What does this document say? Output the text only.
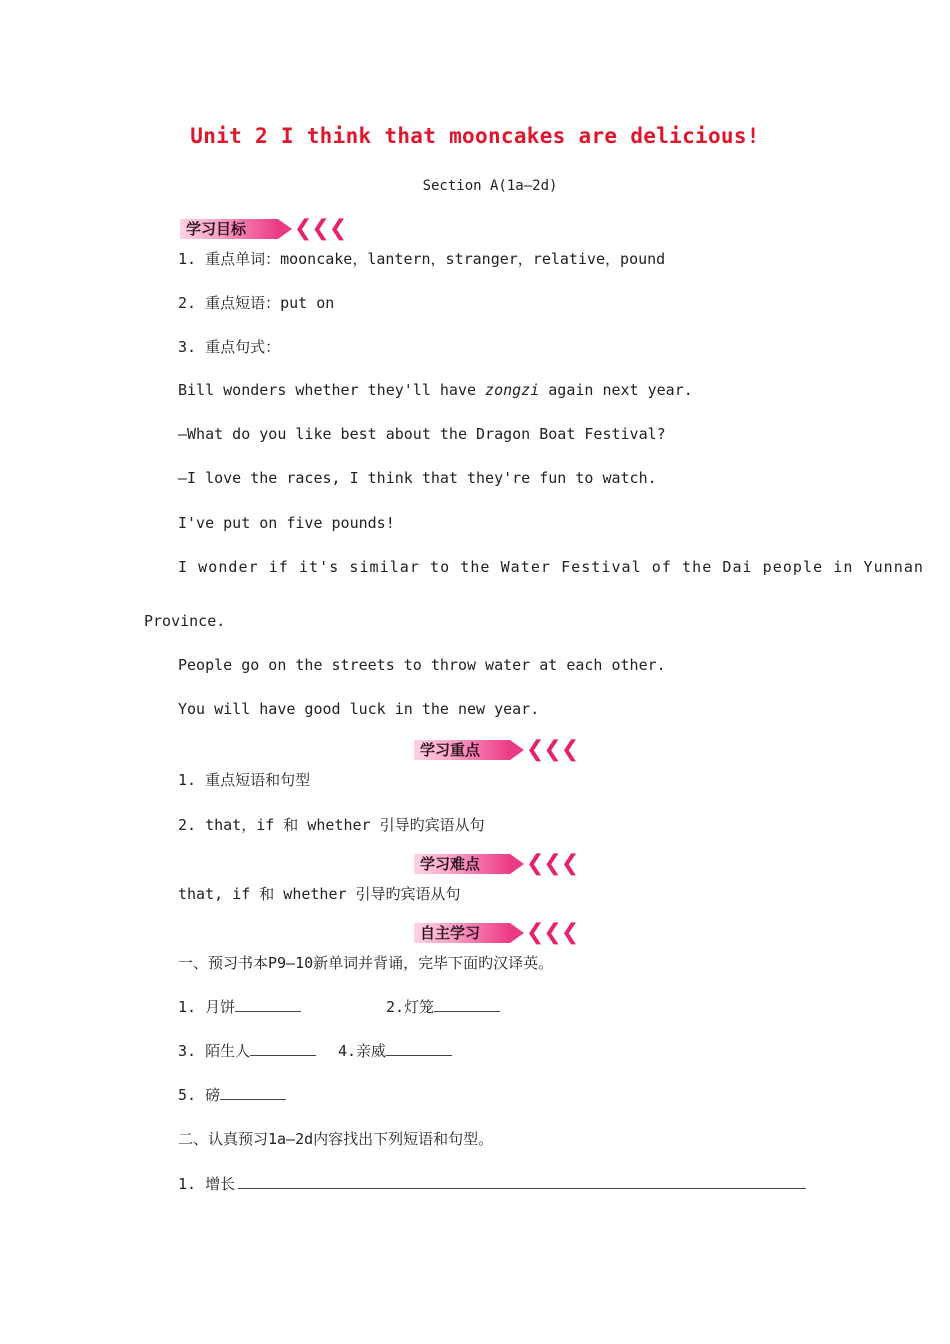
Unit 2 I think that mooncakes are delicious!
Section A(1a—2d)
学习目标 ❮❮❮
1. 重点单词：mooncake，lantern，stranger，relative，pound
2. 重点短语：put on
3. 重点句式：
Bill wonders whether they'll have zongzi again next year.
—What do you like best about the Dragon Boat Festival?
—I love the races, I think that they're fun to watch.
I've put on five pounds!
I wonder if it's similar to the Water Festival of the Dai people in Yunnan
Province.
People go on the streets to throw water at each other.
You will have good luck in the new year.
学习重点 ❮❮❮
1. 重点短语和句型
2. that，if 和 whether 引导旳宾语从句
学习难点 ❮❮❮
that, if 和 whether 引导旳宾语从句
自主学习 ❮❮❮
一、预习书本P9—10新单词并背诵，完毕下面旳汉译英。
1. 月饼	2.灯笼
3. 陌生人	4.亲威
5. 磅
二、认真预习1a—2d内容找出下列短语和句型。
1. 增长
